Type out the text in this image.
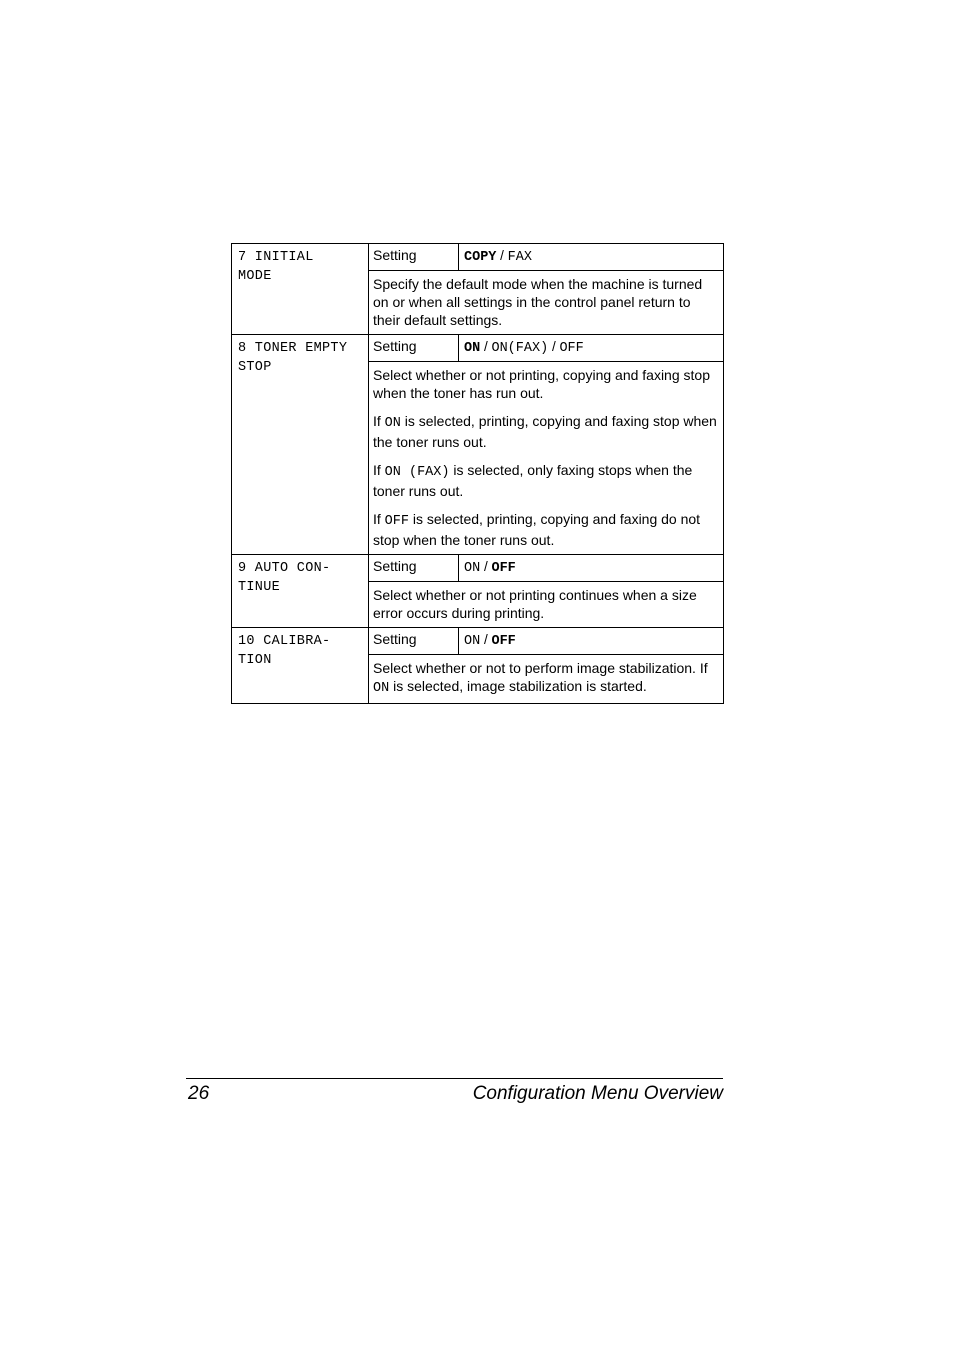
7 INITIAL
MODE	Setting	COPY / FAX

	Specify the default mode when the machine is turned on or when all settings in the control panel return to their default settings.	

8 TONER EMPTY
STOP	Setting	ON / ON(FAX) / OFF

	Select whether or not printing, copying and faxing stop when the toner has run out.

If ON is selected, printing, copying and faxing stop when the toner runs out.

If ON (FAX) is selected, only faxing stops when the toner runs out.

If OFF is selected, printing, copying and faxing do not stop when the toner runs out.	

9 AUTO CON-
TINUE	Setting	ON / OFF

	Select whether or not printing continues when a size error occurs during printing.	

10 CALIBRA-
TION	Setting	ON / OFF

	Select whether or not to perform image stabilization. If ON is selected, image stabilization is started.	

26	Configuration Menu Overview
